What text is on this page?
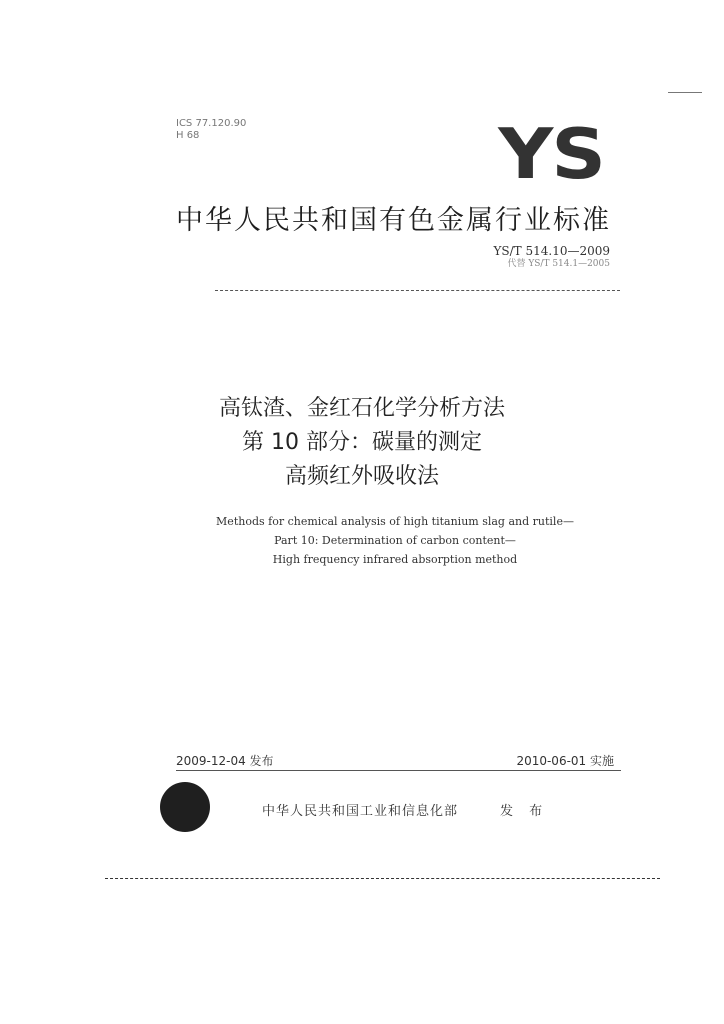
ICS 77.120.90
H 68	YS
中华人民共和国有色金属行业标准
YS/T 514.10—2009
代替 YS/T 514.1—2005
高钛渣、金红石化学分析方法
第 10 部分：碳量的测定
高频红外吸收法
Methods for chemical analysis of high titanium slag and rutile—
Part 10: Determination of carbon content—
High frequency infrared absorption method
2009-12-04 发布	2010-06-01 实施
中华人民共和国工业和信息化部	发 布
